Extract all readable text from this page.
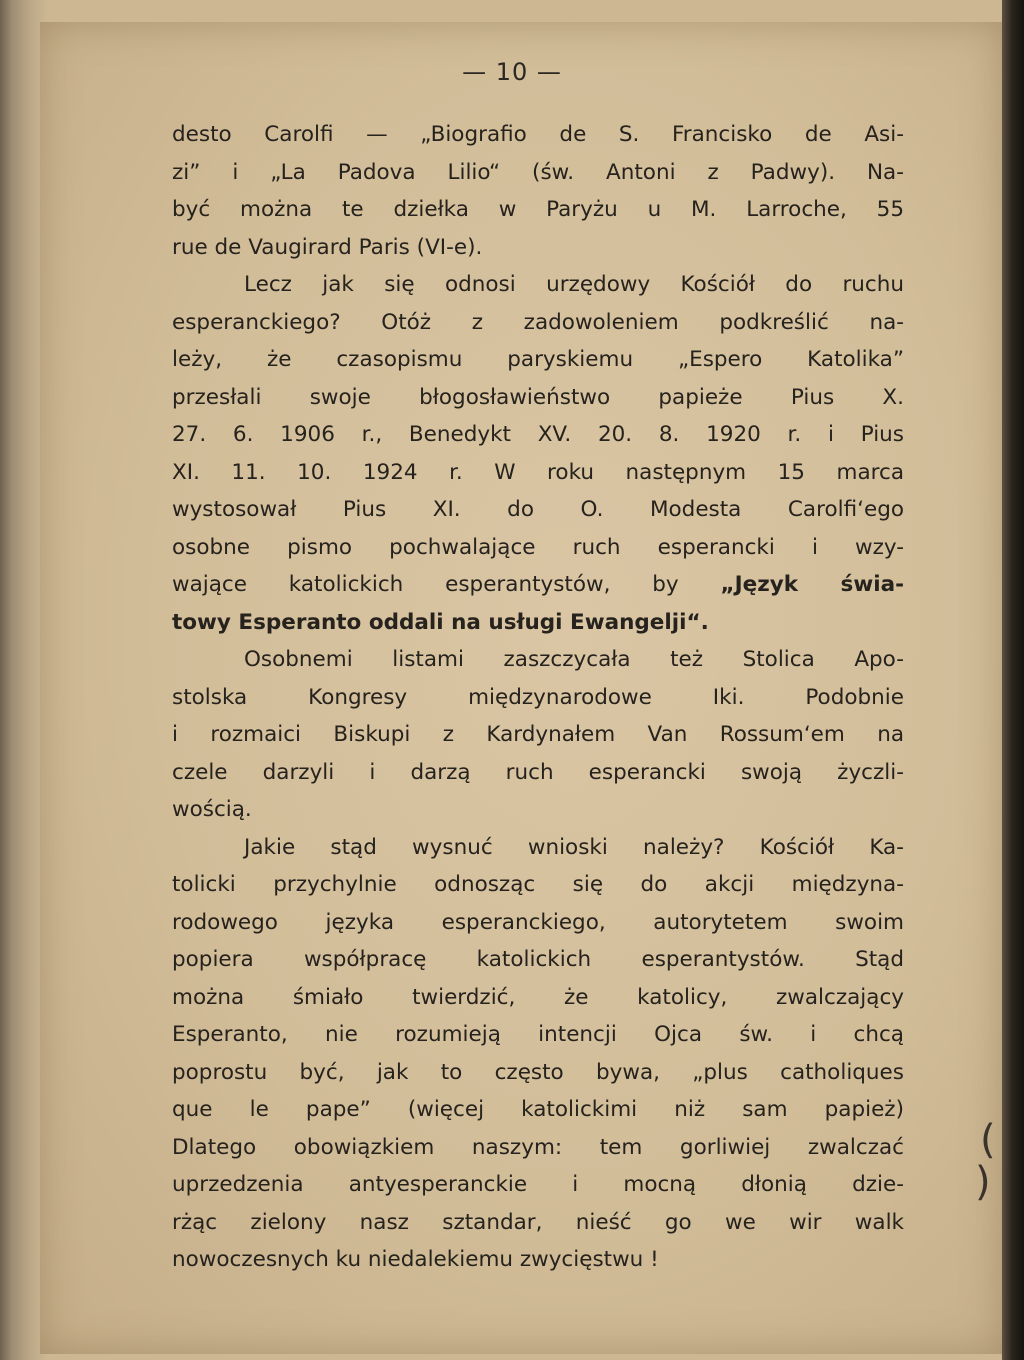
— 10 —
desto Carolfi — „Biografio de S. Francisko de Asi-
zi” i „La Padova Lilio“ (św. Antoni z Padwy). Na-
być można te dziełka w Paryżu u M. Larroche, 55
rue de Vaugirard Paris (VI-e).
Lecz jak się odnosi urzędowy Kościół do ruchu
esperanckiego? Otóż z zadowoleniem podkreślić na-
leży, że czasopismu paryskiemu „Espero Katolika”
przesłali swoje błogosławieństwo papieże Pius X.
27. 6. 1906 r., Benedykt XV. 20. 8. 1920 r. i Pius
XI. 11. 10. 1924 r. W roku następnym 15 marca
wystosował Pius XI. do O. Modesta Carolfi‘ego
osobne pismo pochwalające ruch esperancki i wzy-
wające katolickich esperantystów, by „Język świa-
towy Esperanto oddali na usługi Ewangelji“.
Osobnemi listami zaszczycała też Stolica Apo-
stolska Kongresy międzynarodowe Iki. Podobnie
i rozmaici Biskupi z Kardynałem Van Rossum‘em na
czele darzyli i darzą ruch esperancki swoją życzli-
wością.
Jakie stąd wysnuć wnioski należy? Kościół Ka-
tolicki przychylnie odnosząc się do akcji międzyna-
rodowego języka esperanckiego, autorytetem swoim
popiera współpracę katolickich esperantystów. Stąd
można śmiało twierdzić, że katolicy, zwalczający
Esperanto, nie rozumieją intencji Ojca św. i chcą
poprostu być, jak to często bywa, „plus catholiques
que le pape” (więcej katolickimi niż sam papież)
Dlatego obowiązkiem naszym: tem gorliwiej zwalczać
uprzedzenia antyesperanckie i mocną dłonią dzie-
rżąc zielony nasz sztandar, nieść go we wir walk
nowoczesnych ku niedalekiemu zwycięstwu !
(
)
